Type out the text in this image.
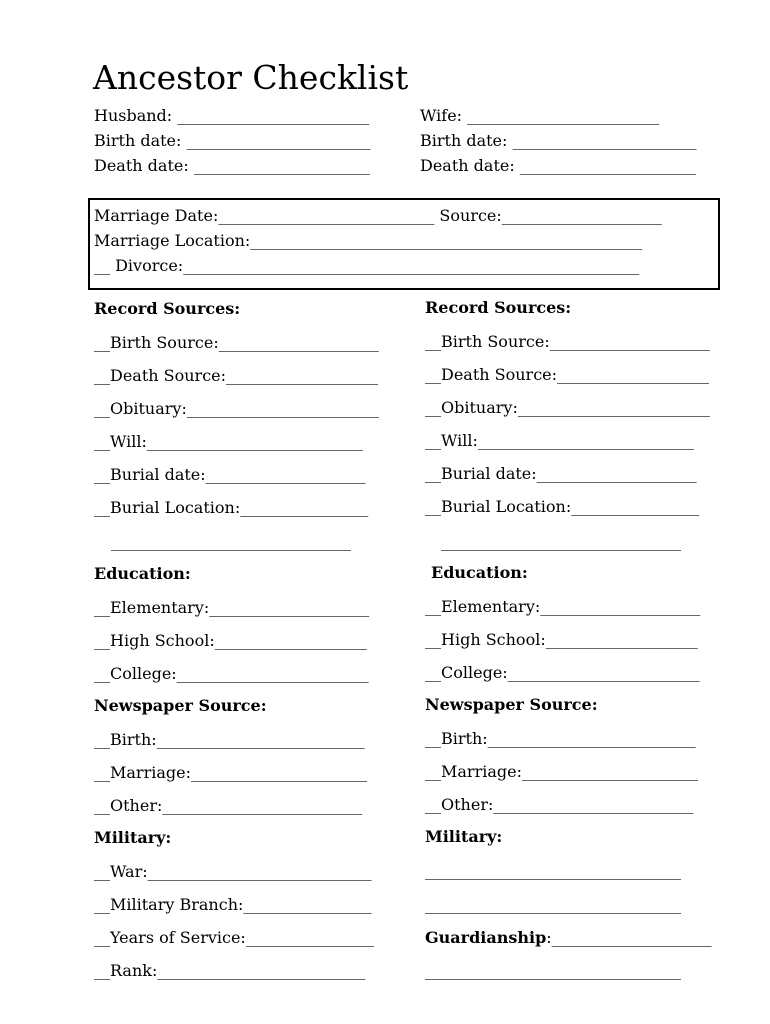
Ancestor Checklist
Husband: ________________________
Birth date: _______________________
Death date: ______________________
Wife: ________________________
Birth date: _______________________
Death date: ______________________
Marriage Date:___________________________ Source:____________________
Marriage Location:_________________________________________________
__ Divorce:_________________________________________________________
Record Sources:
__Birth Source:____________________
__Death Source:___________________
__Obituary:________________________
__Will:___________________________
__Burial date:____________________
__Burial Location:________________
______________________________
Education:
__Elementary:____________________
__High School:___________________
__College:________________________
Newspaper Source:
__Birth:__________________________
__Marriage:______________________
__Other:_________________________
Military:
__War:____________________________
__Military Branch:________________
__Years of Service:________________
__Rank:__________________________
Record Sources:
__Birth Source:____________________
__Death Source:___________________
__Obituary:________________________
__Will:___________________________
__Burial date:____________________
__Burial Location:________________
______________________________
Education:
__Elementary:____________________
__High School:___________________
__College:________________________
Newspaper Source:
__Birth:__________________________
__Marriage:______________________
__Other:_________________________
Military:
________________________________
________________________________
Guardianship:____________________
________________________________
